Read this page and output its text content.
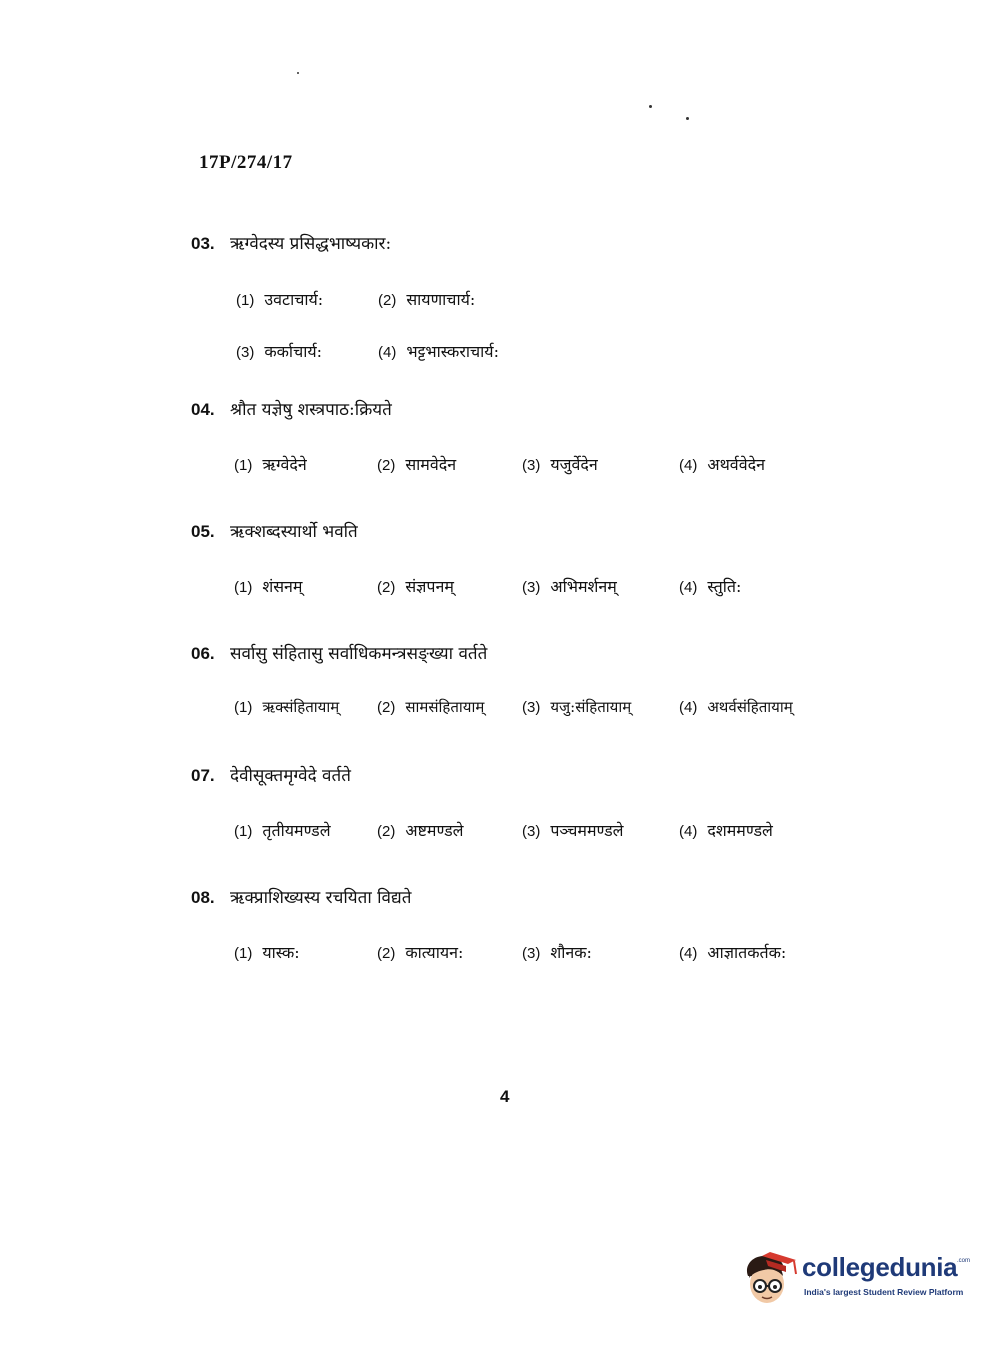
17P/274/17
03. ऋग्वेदस्य प्रसिद्धभाष्यकार:
(1) उवटाचार्य:	(2) सायणाचार्य:
(3) कर्काचार्य:	(4) भट्टभास्कराचार्य:
04. श्रौत यज्ञेषु शस्त्रपाठ:क्रियते
(1) ऋग्वेदेने	(2) सामवेदेन	(3) यजुर्वेदेन	(4) अथर्ववेदेन
05. ऋक्शब्दस्यार्थो भवति
(1) शंसनम्	(2) संज्ञपनम्	(3) अभिमर्शनम्	(4) स्तुति:
06. सर्वासु संहितासु सर्वाधिकमन्त्रसङ्ख्या वर्तते
(1) ऋक्संहितायाम्	(2) सामसंहितायाम्	(3) यजु:संहितायाम्	(4) अथर्वसंहितायाम्
07. देवीसूक्तमृग्वेदे वर्तते
(1) तृतीयमण्डले	(2) अष्टमण्डले	(3) पञ्चममण्डले	(4) दशममण्डले
08. ऋक्प्राशिख्यस्य रचयिता विद्यते
(1) यास्क:	(2) कात्यायन:	(3) शौनक:	(4) आज्ञातकर्तक:
4
collegedunia .com
India's largest Student Review Platform
